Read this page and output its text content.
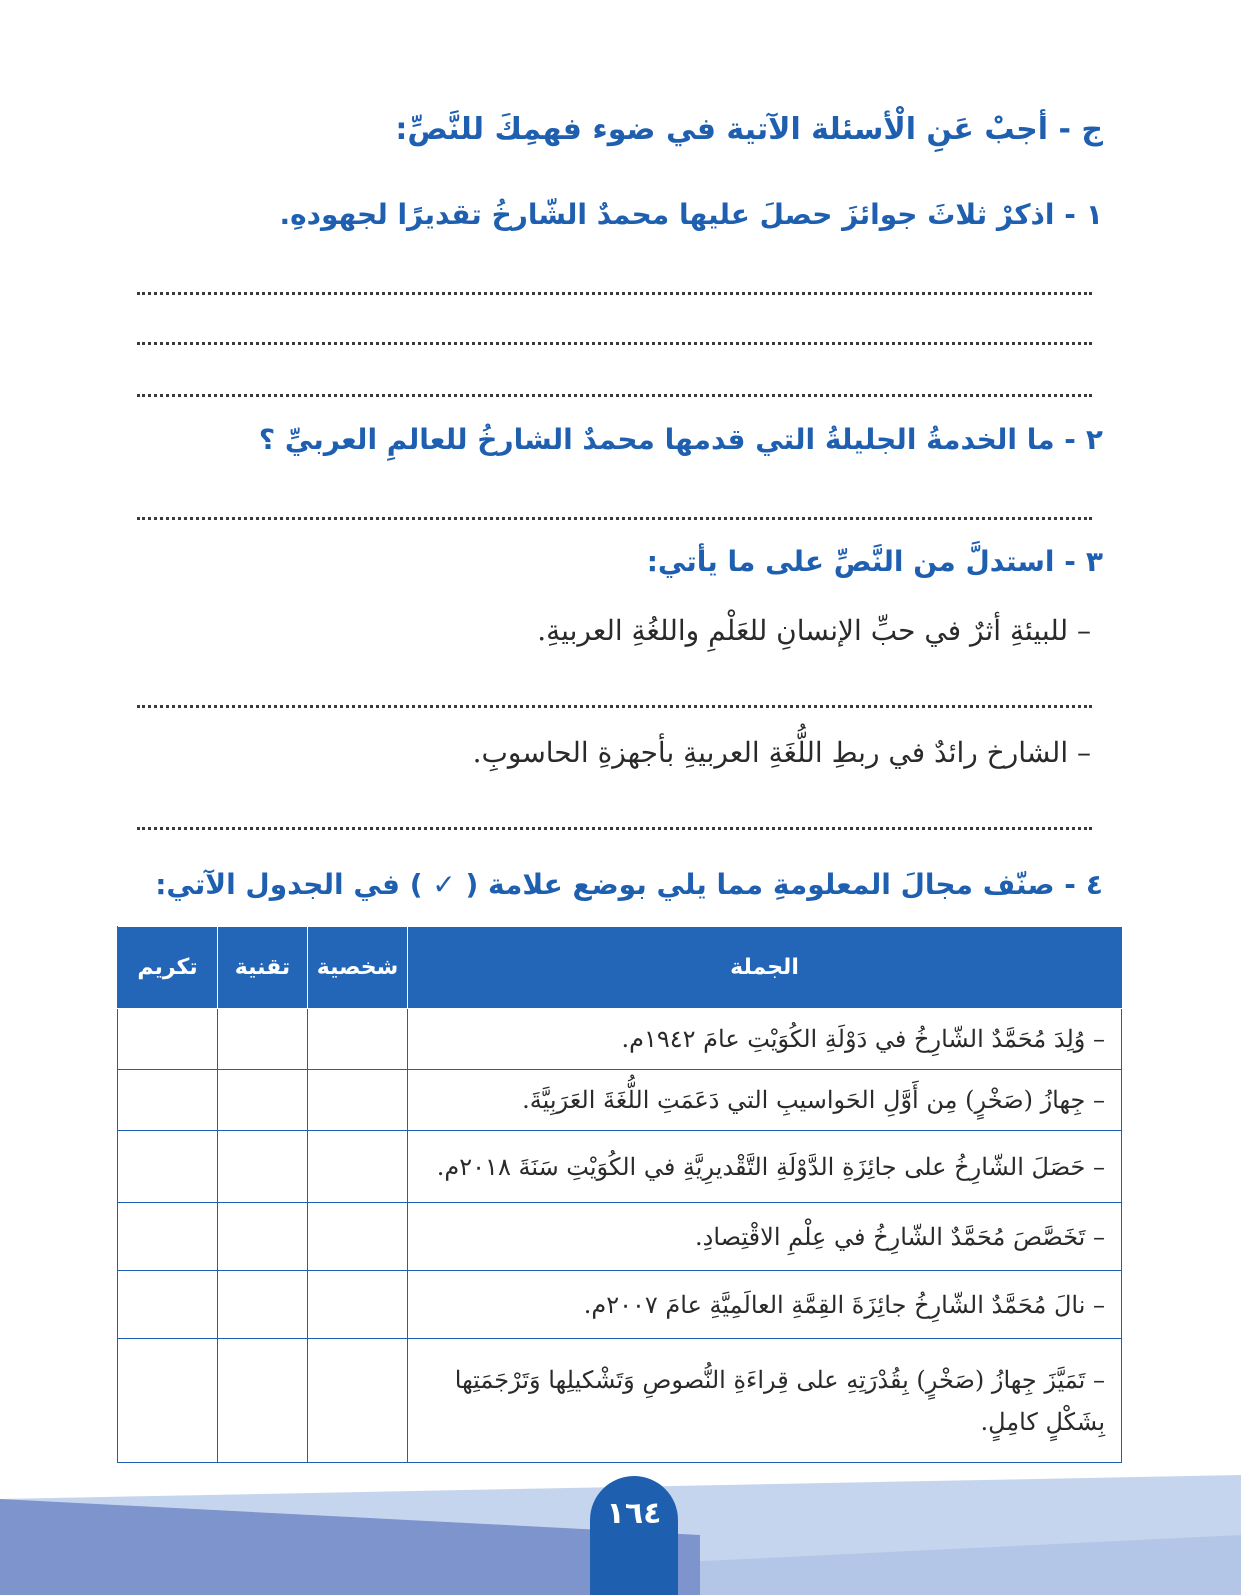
ج - أجبْ عَنِ الْأسئلة الآتية في ضوء فهمِكَ للنَّصِّ:
١- اذكرْ ثلاثَ جوائزَ حصلَ عليها محمدٌ الشّارخُ تقديرًا لجهودهِ.
٢- ما الخدمةُ الجليلةُ التي قدمها محمدٌ الشارخُ للعالمِ العربيِّ ؟
٣- استدلَّ من النَّصِّ على ما يأتي:
– للبيئةِ أثرٌ في حبِّ الإنسانِ للعَلْمِ واللغُةِ العربيةِ.
– الشارخ رائدٌ في ربطِ اللُّغَةِ العربيةِ بأجهزةِ الحاسوبِ.
٤- صنّف مجالَ المعلومةِ مما يلي بوضع علامة ( ✓ ) في الجدول الآتي:
الجملة	شخصية	تقنية	تكريم
– وُلِدَ مُحَمَّدٌ الشّارِخُ في دَوْلَةِ الكُوَيْتِ عامَ ١٩٤٢م.			
– جِهازُ (صَخْرٍ) مِن أَوَّلِ الحَواسيبِ التي دَعَمَتِ اللُّغَةَ العَرَبِيَّةَ.			
– حَصَلَ الشّارِخُ على جائِزَةِ الدَّوْلَةِ التَّقْديرِيَّةِ في الكُوَيْتِ سَنَةَ ٢٠١٨م.			
– تَخَصَّصَ مُحَمَّدٌ الشّارِخُ في عِلْمِ الاقْتِصادِ.			
– نالَ مُحَمَّدٌ الشّارِخُ جائِزَةَ القِمَّةِ العالَمِيَّةِ عامَ ٢٠٠٧م.			
– تَمَيَّزَ جِهازُ (صَخْرٍ) بِقُدْرَتِهِ على قِراءَةِ النُّصوصِ وَتَشْكيلِها وَتَرْجَمَتِها بِشَكْلٍ كامِلٍ.			
١٦٤
